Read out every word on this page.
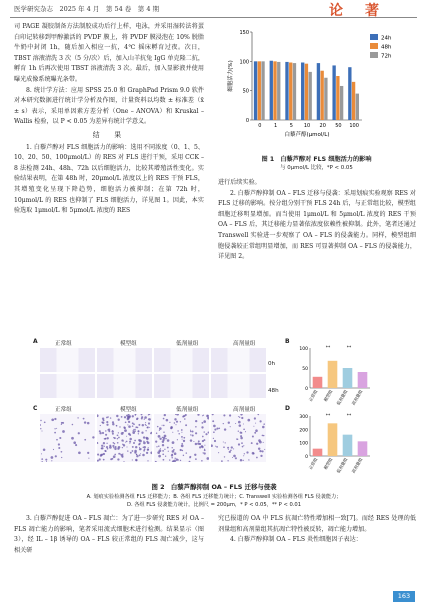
医学研究杂志　2025 年 4 月　第 54 卷　第 4 期	论　著

司 PAGE 凝胶制备方法制胶成功后行上样，电泳，并采用湿转法将蛋白印记转移到甲醇激活的 PVDF 膜上，将 PVDF 膜浸泡在 10% 脱脂牛奶中封闭 1h，随后加入相应一抗，4℃ 摇床孵育过夜。次日，TBST 溶液清洗 3 次（5 分/次）后，加入山羊抗兔 IgG 单克隆二抗，孵育 1h 后再次使用 TBST 溶液清洗 3 次。最后，加入显影液并使用曝光成像系统曝光条带。

8. 统计学方法：应用 SPSS 25.0 和 GraphPad Prism 9.0 软件对本研究数据进行统计学分析及作图，计量资料以均数 ± 标准差（x̄ ± s）表示，采用单因素方差分析（One – ANOVA）和 Kruskal – Wallis 检验，以 P < 0.05 为差异有统计学意义。

结　果

1. 白藜芦醇对 FLS 细胞活力的影响：选用不同浓度（0、1、5、10、20、50、100μmol/L）的 RES 对 FLS 进行干预，采用 CCK – 8 法检测 24h、48h、72h 以后细胞活力，比较其增殖活性变化。实验结果表明，在第 48h 时，20μmol/L 浓度以上的 RES 干预 FLS，其增殖变化呈现下降趋势，细胞活力被抑制；在第 72h 时，10μmol/L 的 RES 也抑制了 FLS 细胞活力，详见图 1。因此，本实验选取 1μmol/L 和 5μmol/L 浓度的 RES

0
50
100
150
0	1	5 10 20 50 100
白藜芦醇(μmol/L)
细胞活力(%)
24h
48h
72h
图 1　白藜芦醇对 FLS 细胞活力的影响
与 0μmol/L 比较，*P < 0.05

进行后续实验。

2. 白藜芦醇抑制 OA – FLS 迁移与侵袭：采用划痕实验观察 RES 对 FLS 迁移的影响。按分组分别干预 FLS 24h 后，与正常组比较，模型组细胞迁移明显增加。而当使用 1μmol/L 和 5μmol/L 浓度的 RES 干预 OA – FLS 后，其迁移能力显著依浓度依赖性被抑制。此外，笔者还通过 Transwell 实验进一步观察了 OA – FLS 的侵袭能力。同样，模型组细胞侵袭较正常组明显增加，而 RES 可显著抑制 OA – FLS 的侵袭能力，详见图 2。

A	B
C	D
正常组	模型组	低剂量组	高剂量组
0h
48h
正常组	模型组	低剂量组	高剂量组
0
50
100
正常组	模型组 低剂量组 高剂量组
**	**
0
100
200
300
正常组	模型组 低剂量组 高剂量组
**	**
图 2　白藜芦醇抑制 OA – FLS 迁移与侵袭
A. 划痕实验检测各组 FLS 迁移能力；B. 各组 FLS 迁移能力统计；C. Transwell 实验检测各组 FLS 侵袭能力；
D. 各组 FLS 侵袭能力统计。比例尺 = 200μm，* P < 0.05，** P < 0.01

3. 白藜芦醇促进 OA – FLS 凋亡：为了进一步研究 RES 对 OA – FLS 凋亡能力的影响，笔者采用流式细胞术进行检测。结果显示（图 3），经 IL – 1β 诱导的 OA – FLS 较正常组的 FLS 凋亡减少，这与相关研

究已报道的 OA 中 FLS 抗凋亡特性增加相一致[7]。而经 RES 处理的低剂量组和高剂量组其抗凋亡特性被反转，凋亡能力增加。

4. 白藜芦醇抑制 OA – FLS 炎性细胞因子表达：

163
